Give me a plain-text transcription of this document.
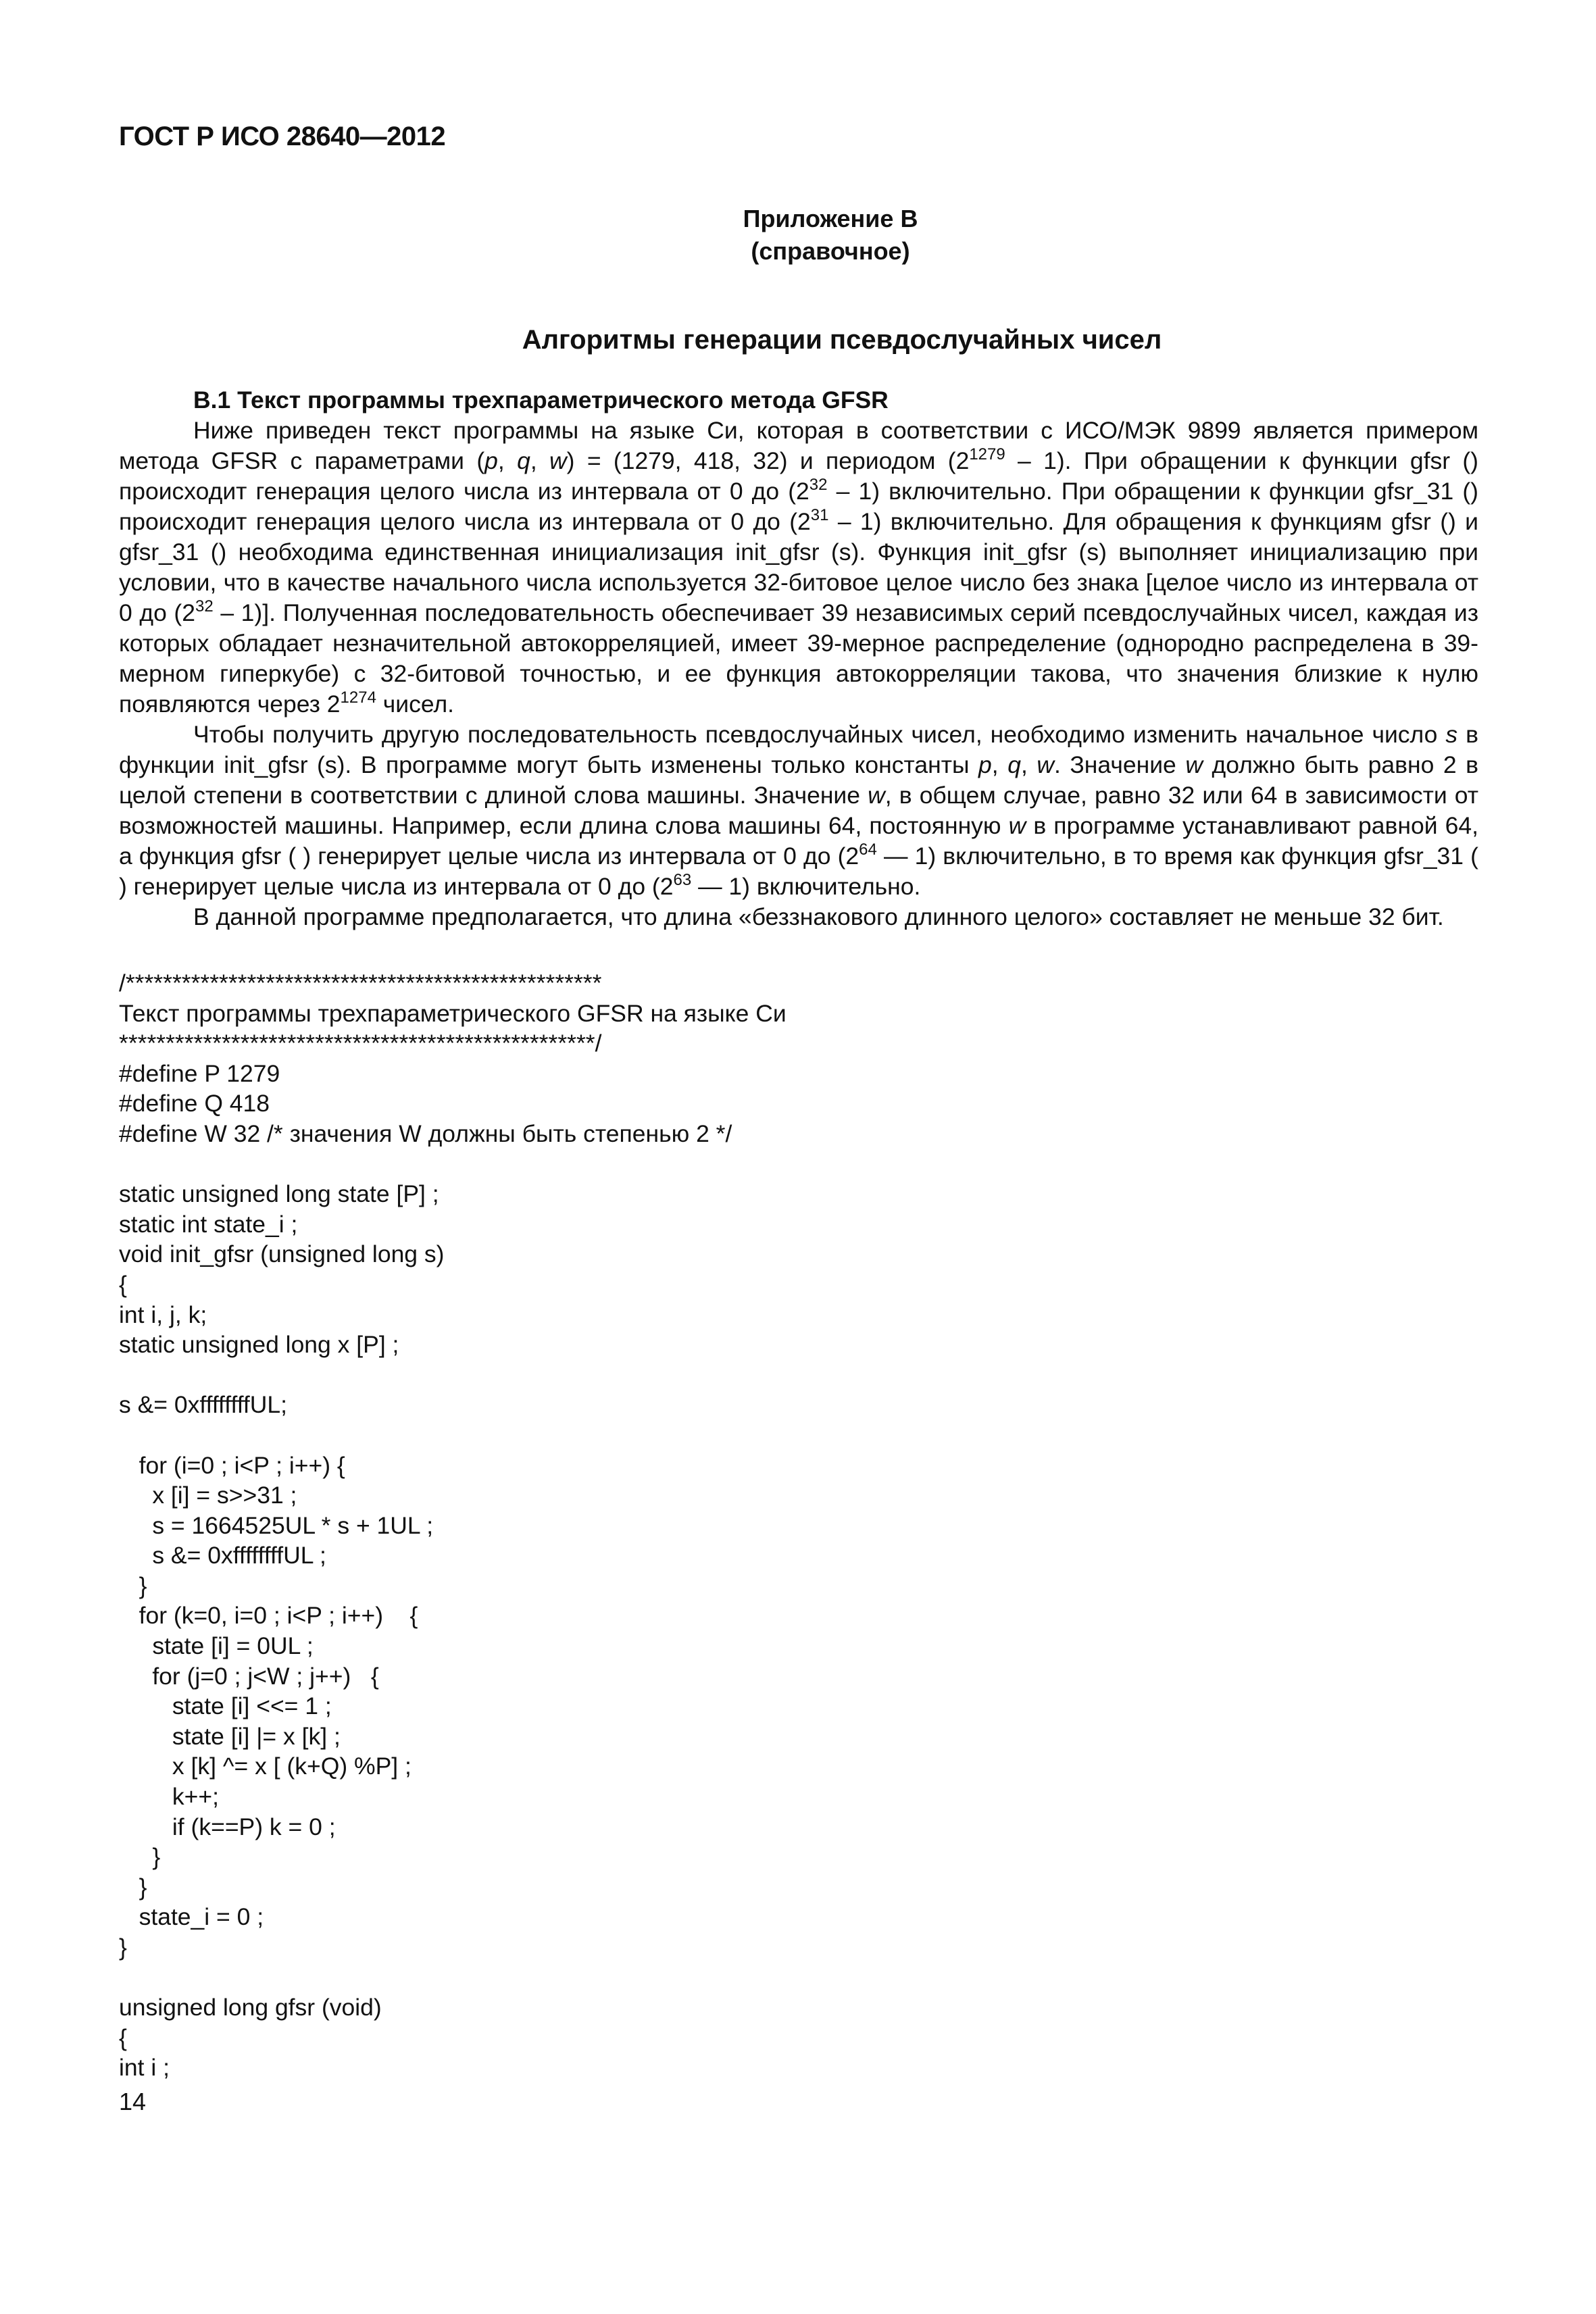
ГОСТ Р ИСО 28640—2012
Приложение В
(справочное)
Алгоритмы генерации псевдослучайных чисел

В.1 Текст программы трехпараметрического метода GFSR

Ниже приведен текст программы на языке Си, которая в соответствии с ИСО/МЭК 9899 является примером метода GFSR с параметрами (p, q, w) = (1279, 418, 32) и периодом $(2^{1279} - 1)$. При обращении к функции gfsr () происходит генерация целого числа из интервала от 0 до $(2^{32} - 1)$ включительно. При обращении к функции gfsr_31 () происходит генерация целого числа из интервала от 0 до $(2^{31} - 1)$ включительно. Для обращения к функциям gfsr () и gfsr_31 () необходима единственная инициализация init_gfsr (s). Функция init_gfsr (s) выполняет инициализацию при условии, что в качестве начального числа используется 32-битовое целое число без знака [целое число из интервала от 0 до $(2^{32} - 1)$]. Полученная последовательность обеспечивает 39 независимых серий псевдослучайных чисел, каждая из которых обладает незначительной автокорреляцией, имеет 39-мерное распределение (однородно распределена в 39-мерном гиперкубе) с 32-битовой точностью, и ее функция автокорреляции такова, что значения близкие к нулю появляются через $2^{1274}$ чисел.

Чтобы получить другую последовательность псевдослучайных чисел, необходимо изменить начальное число s в функции init_gfsr (s). В программе могут быть изменены только константы p, q, w. Значение w должно быть равно 2 в целой степени в соответствии с длиной слова машины. Значение w, в общем случае, равно 32 или 64 в зависимости от возможностей машины. Например, если длина слова машины 64, постоянную w в программе устанавливают равной 64, а функция gfsr ( ) генерирует целые числа из интервала от 0 до ($2^{64}$ — 1) включительно, в то время как функция gfsr_31 ( ) генерирует целые числа из интервала от 0 до ($2^{63}$ — 1) включительно.

В данной программе предполагается, что длина «беззнакового длинного целого» составляет не меньше 32 бит.

/***************************************************
Текст программы трехпараметрического GFSR на языке Си
***************************************************/
#define P 1279
#define Q 418
#define W 32 /* значения W должны быть степенью 2 */
static unsigned long state [P] ;
static int state_i ;
void init_gfsr (unsigned long s)
{
int i, j, k;
static unsigned long x [P] ;
s &= 0xffffffffUL;
for (i=0 ; i<P ; i++) {
x [i] = s>>31 ;
s = 1664525UL * s + 1UL ;
s &= 0xffffffffUL ;
}
for (k=0, i=0 ; i<P ; i++)    {
state [i] = 0UL ;
for (j=0 ; j<W ; j++)   {
state [i] <<= 1 ;
state [i] |= x [k] ;
x [k] ^= x [ (k+Q) %P] ;
k++;
if (k==P) k = 0 ;
}
}
state_i = 0 ;
}
unsigned long gfsr (void)
{
int i ;
14
